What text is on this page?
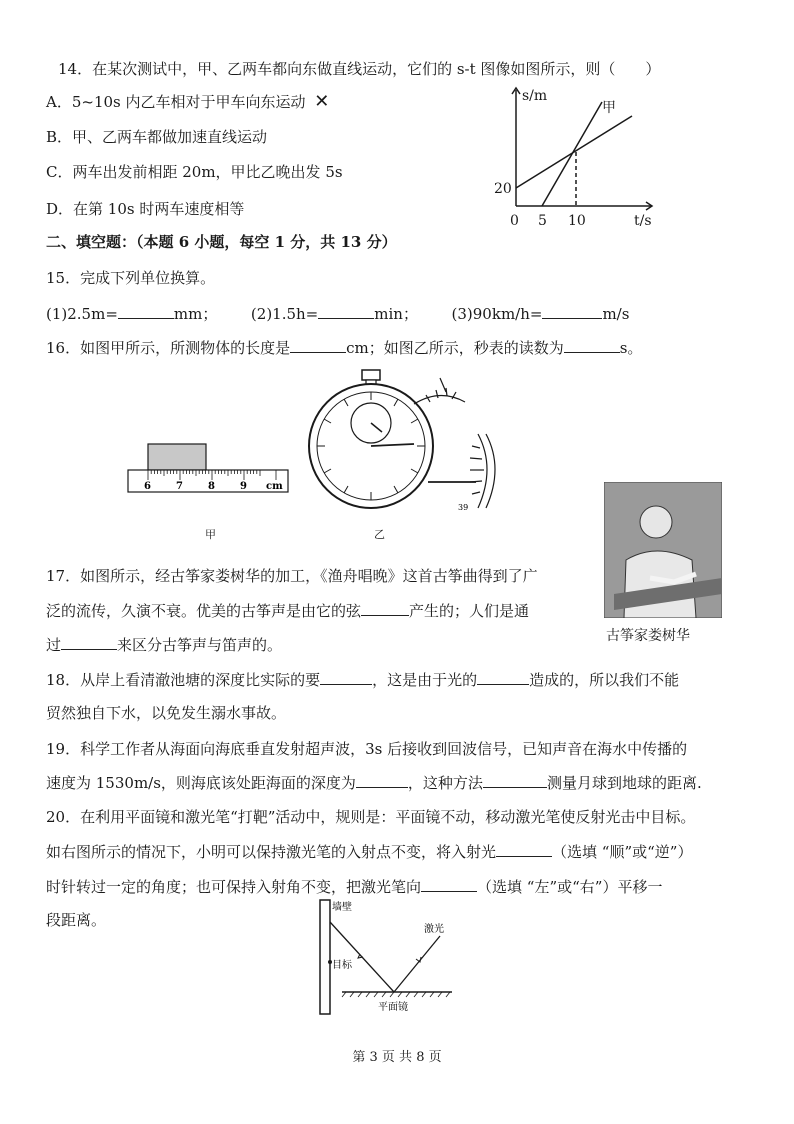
14．在某次测试中，甲、乙两车都向东做直线运动，它们的 s-t 图像如图所示，则（　　）
A．5~10s 内乙车相对于甲车向东运动 ✕
B．甲、乙两车都做加速直线运动
C．两车出发前相距 20m，甲比乙晚出发 5s
D．在第 10s 时两车速度相等
s/m
t/s
甲
20
0 5 10
二、填空题：（本题 6 小题，每空 1 分，共 13 分）
15．完成下列单位换算。
(1)2.5m=	mm； (2)1.5h=	min； (3)90km/h=	m/s
16．如图甲所示，所测物体的长度是	cm；如图乙所示，秒表的读数为	s。
6	7	8	9 cm
甲
39
乙
古筝家娄树华
17．如图所示，经古筝家娄树华的加工，《渔舟唱晚》这首古筝曲得到了广
泛的流传，久演不衰。优美的古筝声是由它的弦	产生的；人们是通
过	来区分古筝声与笛声的。
18．从岸上看清澈池塘的深度比实际的要	，这是由于光的	造成的，所以我们不能
贸然独自下水，以免发生溺水事故。
19．科学工作者从海面向海底垂直发射超声波，3s 后接收到回波信号，已知声音在海水中传播的
速度为 1530m/s，则海底该处距海面的深度为	，这种方法	测量月球到地球的距离.
20．在利用平面镜和激光笔“打靶”活动中，规则是：平面镜不动，移动激光笔使反射光击中目标。
如右图所示的情况下，小明可以保持激光笔的入射点不变，将入射光	（选填 “顺”或“逆”）
时针转过一定的角度；也可保持入射角不变，把激光笔向	（选填 “左”或“右”）平移一
段距离。
墙壁
激光
目标
平面镜
第 3 页 共 8 页
